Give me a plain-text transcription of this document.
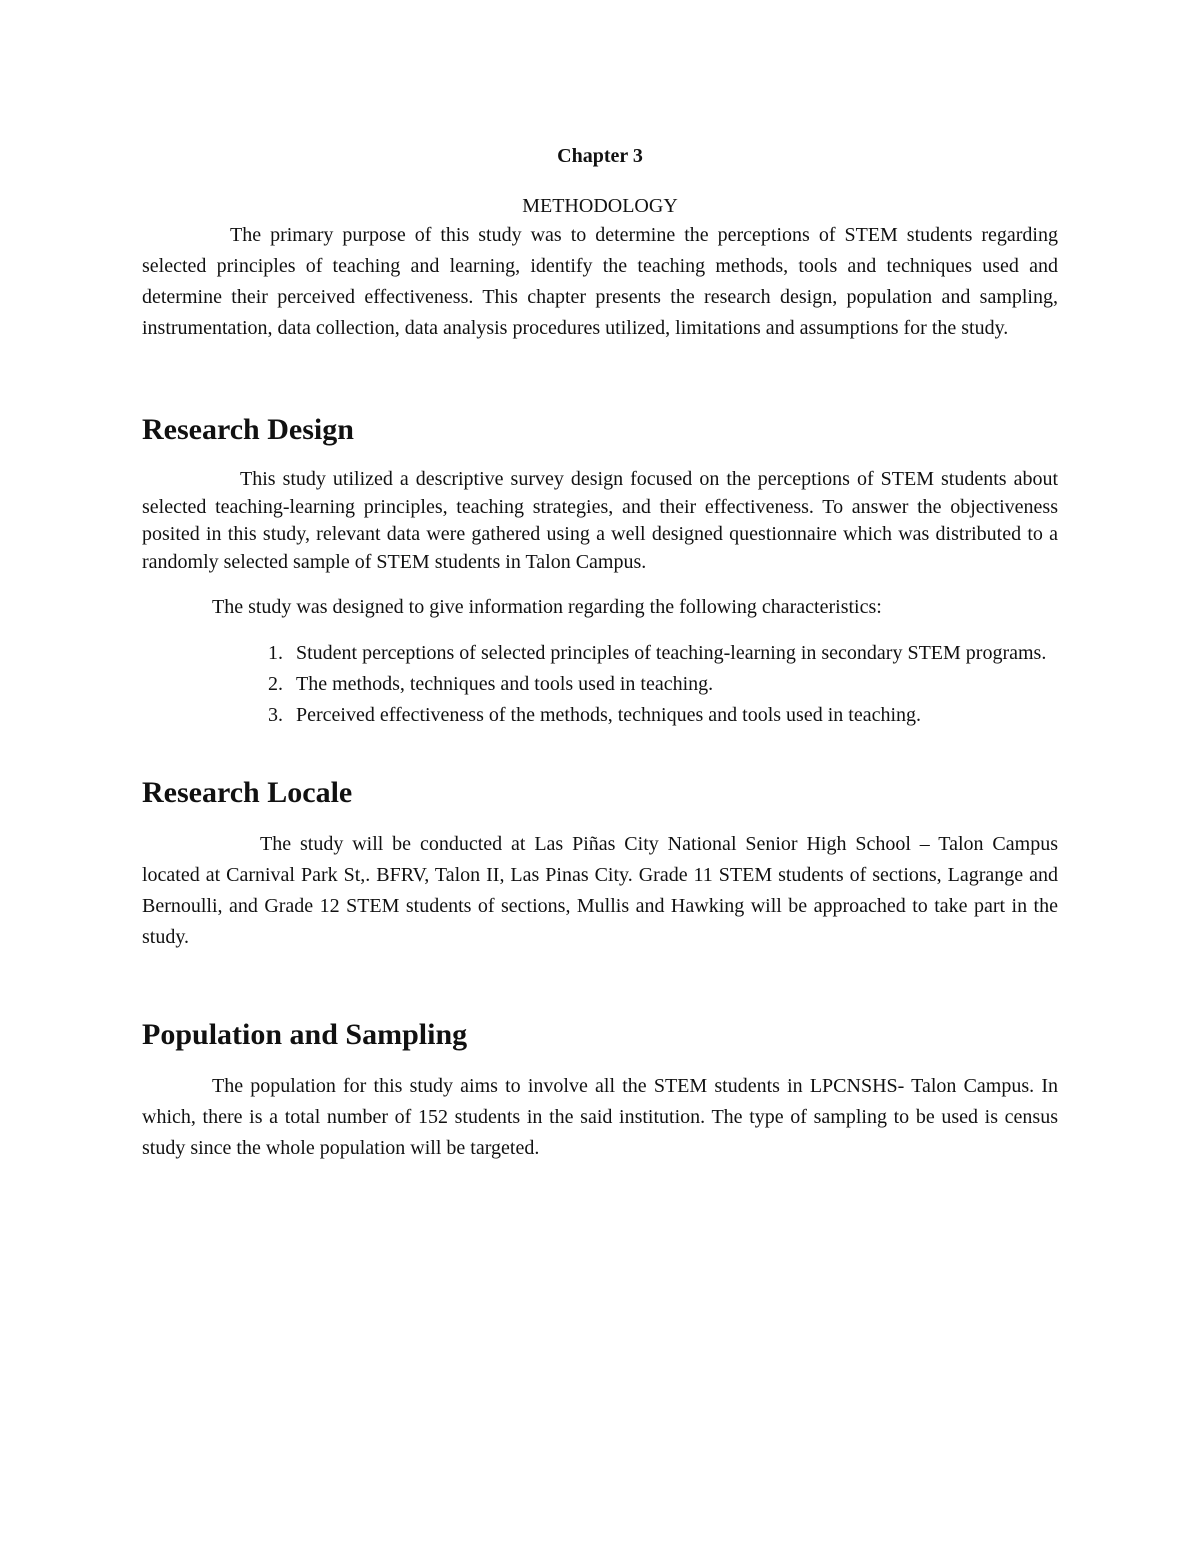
Chapter 3

METHODOLOGY

The primary purpose of this study was to determine the perceptions of STEM students regarding selected principles of teaching and learning, identify the teaching methods, tools and techniques used and determine their perceived effectiveness. This chapter presents the research design, population and sampling, instrumentation, data collection, data analysis procedures utilized, limitations and assumptions for the study.

Research Design

This study utilized a descriptive survey design focused on the perceptions of STEM students about selected teaching-learning principles, teaching strategies, and their effectiveness. To answer the objectiveness posited in this study, relevant data were gathered using a well designed questionnaire which was distributed to a randomly selected sample of STEM students in Talon Campus.

The study was designed to give information regarding the following characteristics:

1. Student perceptions of selected principles of teaching-learning in secondary STEM programs.
2. The methods, techniques and tools used in teaching.
3. Perceived effectiveness of the methods, techniques and tools used in teaching.
Research Locale

The study will be conducted at Las Piñas City National Senior High School – Talon Campus located at Carnival Park St,. BFRV, Talon II, Las Pinas City. Grade 11 STEM students of sections, Lagrange and Bernoulli, and Grade 12 STEM students of sections, Mullis and Hawking will be approached to take part in the study.

Population and Sampling

The population for this study aims to involve all the STEM students in LPCNSHS- Talon Campus. In which, there is a total number of 152 students in the said institution. The type of sampling to be used is census study since the whole population will be targeted.
